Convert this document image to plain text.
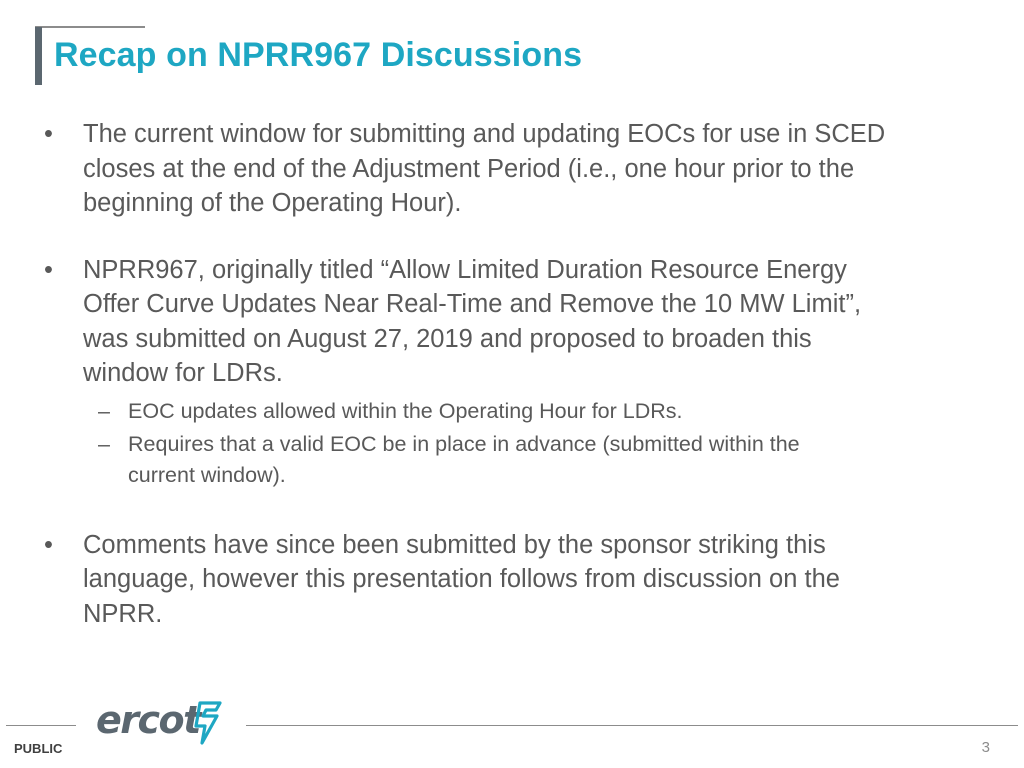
Recap on NPRR967 Discussions
• The current window for submitting and updating EOCs for use in SCED
closes at the end of the Adjustment Period (i.e., one hour prior to the
beginning of the Operating Hour).
• NPRR967, originally titled “Allow Limited Duration Resource Energy
Offer Curve Updates Near Real-Time and Remove the 10 MW Limit”,
was submitted on August 27, 2019 and proposed to broaden this
window for LDRs.
– EOC updates allowed within the Operating Hour for LDRs.
– Requires that a valid EOC be in place in advance (submitted within the
current window).
• Comments have since been submitted by the sponsor striking this
language, however this presentation follows from discussion on the
NPRR.
PUBLIC
ercot
3
